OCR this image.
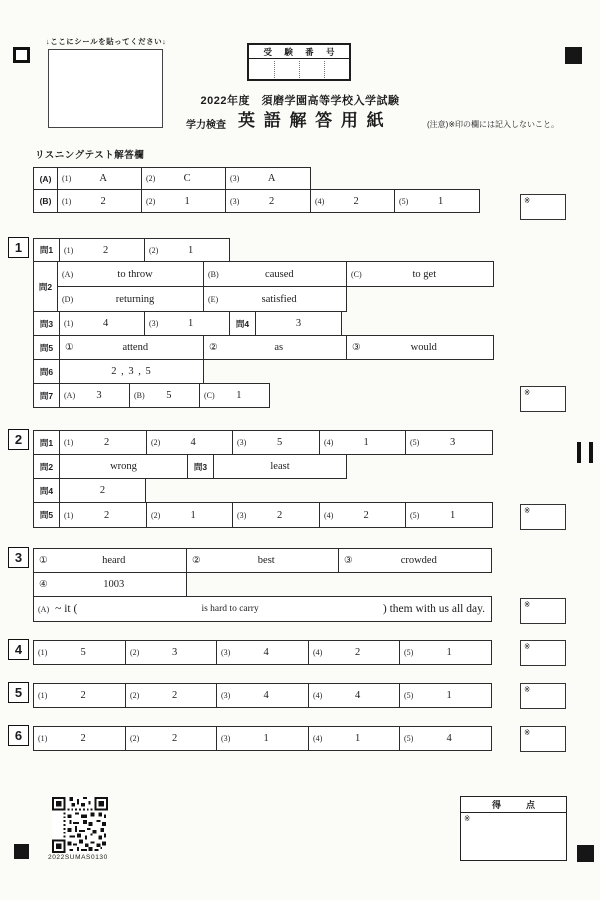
↓ここにシールを貼ってください↓
受 験 番 号
2022年度　須磨学園高等学校入学試験
学力検査 英 語 解 答 用 紙	(注意)※印の欄には記入しないこと。
リスニングテスト解答欄
(A)	(1)	A	(2)	C	(3)	A
(B)	(1)	2	(2)	1	(3)	2	(4)	2	(5)	1	※
1 問1	(1)	2	(2)	1
問2
(A)	to throw	(B)	caused	(C)	to get
(D)	returning	(E)	satisfied
問3	(1)	4	(3)	1	問4	3
問5	①	attend	②	as	③	would
問6	2 , 3 , 5
問7	(A)	3	(B)	5	(C)	1	※
2 問1	(1)	2	(2)	4	(3)	5	(4)	1	(5)	3
問2	wrong	問3	least
問4	2
問5	(1)	2	(2)	1	(3)	2	(4)	2	(5)	1	※
3	①	heard	②	best	③	crowded
④	1003
(A) ~ it (	is hard to carry	) them with us all day.	※
4	(1)	5	(2)	3	(3)	4	(4)	2	(5)	1
※
5	(1)	2	(2)	2	(3)	4	(4)	4	(5)	1
※
6	(1)	2	(2)	2	(3)	1	(4)	1	(5)	4
※
2022SUMAS0130
得　点
※
